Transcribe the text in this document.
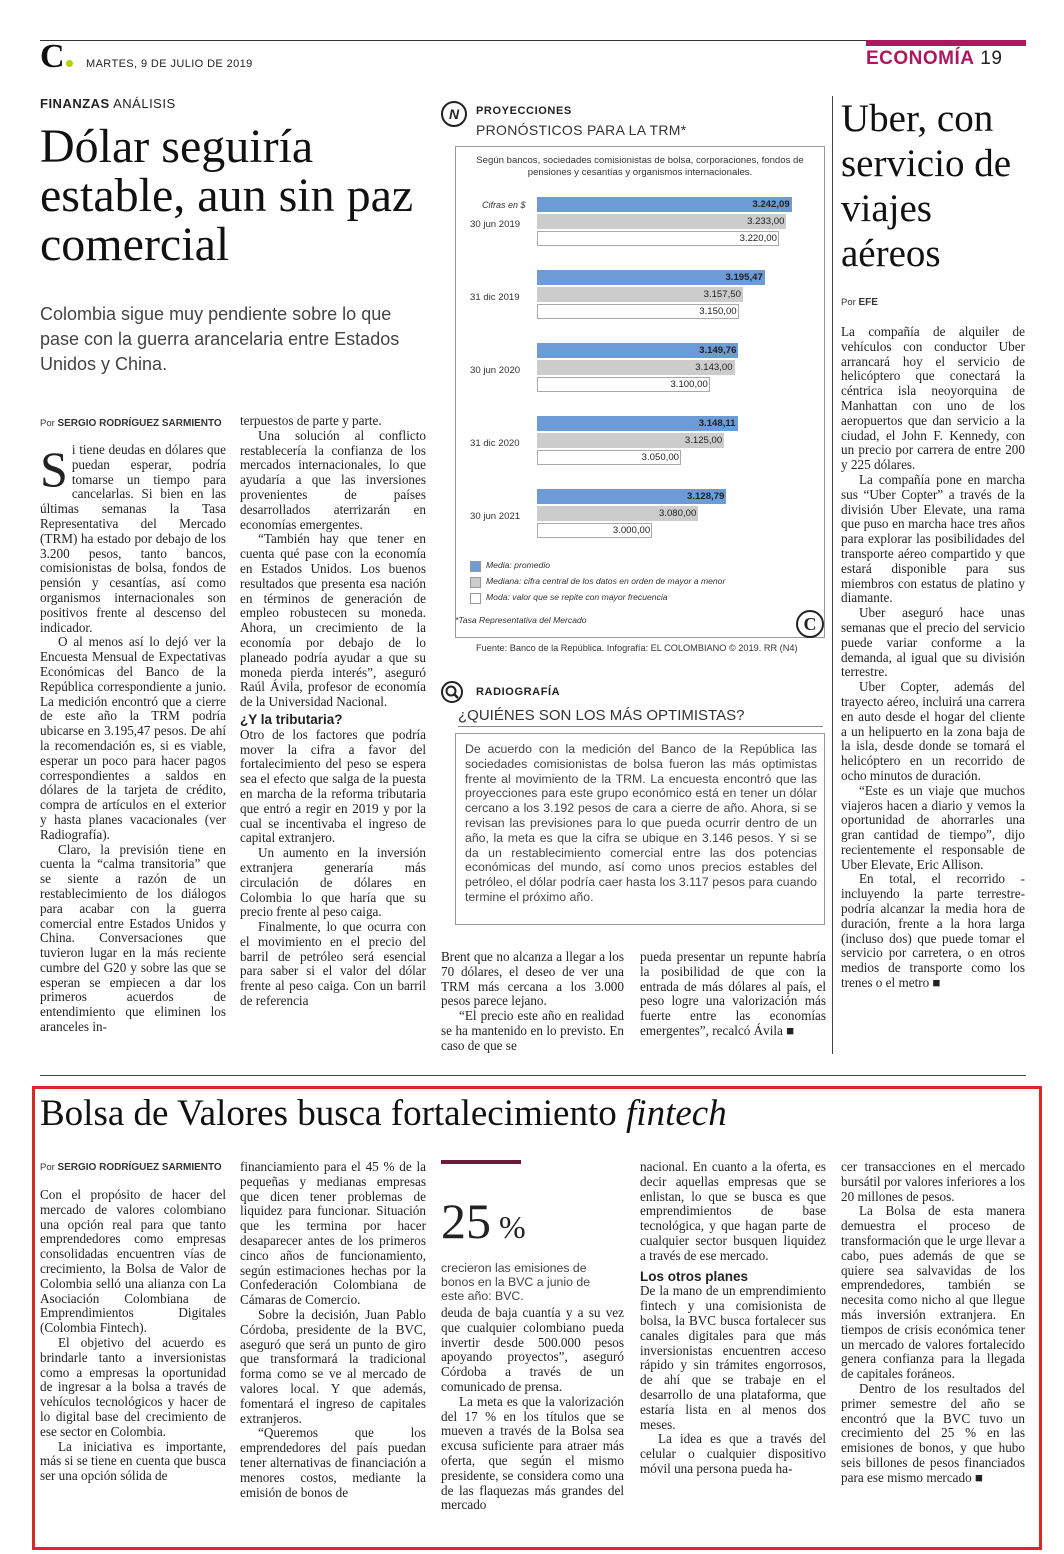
C	MARTES, 9 DE JULIO DE 2019	ECONOMÍA 19
FINANZAS ANÁLISIS
Dólar seguiría estable, aun sin paz comercial
Colombia sigue muy pendiente sobre lo que pase con la guerra arancelaria entre Estados Unidos y China.
Por SERGIO RODRÍGUEZ SARMIENTO
S i tiene deudas en dólares que puedan esperar, podría tomarse un tiempo para cancelarlas. Si bien en las últimas semanas la Tasa Representativa del Mercado (TRM) ha estado por debajo de los 3.200 pesos, tanto bancos, comisionistas de bolsa, fondos de pensión y cesantías, así como organismos internacionales son positivos frente al descenso del indicador.

O al menos así lo dejó ver la Encuesta Mensual de Expectativas Económicas del Banco de la República correspondiente a junio. La medición encontró que a cierre de este año la TRM podría ubicarse en 3.195,47 pesos. De ahí la recomendación es, si es viable, esperar un poco para hacer pagos correspondientes a saldos en dólares de la tarjeta de crédito, compra de artículos en el exterior y hasta planes vacacionales (ver Radiografía).

Claro, la previsión tiene en cuenta la “calma transitoria” que se siente a razón de un restablecimiento de los diálogos para acabar con la guerra comercial entre Estados Unidos y China. Conversaciones que tuvieron lugar en la más reciente cumbre del G20 y sobre las que se esperan se empiecen a dar los primeros acuerdos de entendimiento que eliminen los aranceles in-

terpuestos de parte y parte.

Una solución al conflicto restablecería la confianza de los mercados internacionales, lo que ayudaría a que las inversiones provenientes de países desarrollados aterrizarán en economías emergentes.

“También hay que tener en cuenta qué pase con la economía en Estados Unidos. Los buenos resultados que presenta esa nación en términos de generación de empleo robustecen su moneda. Ahora, un crecimiento de la economía por debajo de lo planeado podría ayudar a que su moneda pierda interés”, aseguró Raúl Ávila, profesor de economía de la Universidad Nacional.

¿Y la tributaria?

Otro de los factores que podría mover la cifra a favor del fortalecimiento del peso se espera sea el efecto que salga de la puesta en marcha de la reforma tributaria que entró a regir en 2019 y por la cual se incentivaba el ingreso de capital extranjero.

Un aumento en la inversión extranjera generaría más circulación de dólares en Colombia lo que haría que su precio frente al peso caiga.

Finalmente, lo que ocurra con el movimiento en el precio del barril de petróleo será esencial para saber si el valor del dólar frente al peso caiga. Con un barril de referencia

Brent que no alcanza a llegar a los 70 dólares, el deseo de ver una TRM más cercana a los 3.000 pesos parece lejano.

“El precio este año en realidad se ha mantenido en lo previsto. En caso de que se

pueda presentar un repunte habría la posibilidad de que con la entrada de más dólares al país, el peso logre una valorización más fuerte entre las economías emergentes”, recalcó Ávila ■

N	PROYECCIONES
PRONÓSTICOS PARA LA TRM*
Según bancos, sociedades comisionistas de bolsa, corporaciones, fondos de pensiones y cesantías y organismos internacionales.
Cifras en $
30 jun 2019
3.242,09
3.233,00
3.220,00
31 dic 2019
3.195,47
3.157,50
3.150,00
30 jun 2020
3.149,76
3.143,00
3.100,00
31 dic 2020
3.148,11
3.125,00
3.050,00
30 jun 2021
3.128,79
3.080,00
3.000,00
Media: promedio
Mediana: cifra central de los datos en orden de mayor a menor
Moda: valor que se repite con mayor frecuencia
*Tasa Representativa del Mercado	C
Fuente: Banco de la República. Infografía: EL COLOMBIANO © 2019. RR (N4)
RADIOGRAFÍA
¿QUIÉNES SON LOS MÁS OPTIMISTAS?
De acuerdo con la medición del Banco de la República las sociedades comisionistas de bolsa fueron las más optimistas frente al movimiento de la TRM. La encuesta encontró que las proyecciones para este grupo económico está en tener un dólar cercano a los 3.192 pesos de cara a cierre de año. Ahora, si se revisan las previsiones para lo que pueda ocurrir dentro de un año, la meta es que la cifra se ubique en 3.146 pesos. Y si se da un restablecimiento comercial entre las dos potencias económicas del mundo, así como unos precios estables del petróleo, el dólar podría caer hasta los 3.117 pesos para cuando termine el próximo año.
Uber, con servicio de viajes aéreos
Por EFE

La compañía de alquiler de vehículos con conductor Uber arrancará hoy el servicio de helicóptero que conectará la céntrica isla neoyorquina de Manhattan con uno de los aeropuertos que dan servicio a la ciudad, el John F. Kennedy, con un precio por carrera de entre 200 y 225 dólares.

La compañía pone en marcha sus “Uber Copter” a través de la división Uber Elevate, una rama que puso en marcha hace tres años para explorar las posibilidades del transporte aéreo compartido y que estará disponible para sus miembros con estatus de platino y diamante.

Uber aseguró hace unas semanas que el precio del servicio puede variar conforme a la demanda, al igual que su división terrestre.

Uber Copter, además del trayecto aéreo, incluirá una carrera en auto desde el hogar del cliente a un helipuerto en la zona baja de la isla, desde donde se tomará el helicóptero en un recorrido de ocho minutos de duración.

“Este es un viaje que muchos viajeros hacen a diario y vemos la oportunidad de ahorrarles una gran cantidad de tiempo”, dijo recientemente el responsable de Uber Elevate, Eric Allison.

En total, el recorrido -incluyendo la parte terrestre- podría alcanzar la media hora de duración, frente a la hora larga (incluso dos) que puede tomar el servicio por carretera, o en otros medios de transporte como los trenes o el metro ■

Bolsa de Valores busca fortalecimiento fintech
Por SERGIO RODRÍGUEZ SARMIENTO

Con el propósito de hacer del mercado de valores colombiano una opción real para que tanto emprendedores como empresas consolidadas encuentren vías de crecimiento, la Bolsa de Valor de Colombia selló una alianza con La Asociación Colombiana de Emprendimientos Digitales (Colombia Fintech).

El objetivo del acuerdo es brindarle tanto a inversionistas como a empresas la oportunidad de ingresar a la bolsa a través de vehículos tecnológicos y hacer de lo digital base del crecimiento de ese sector en Colombia.

La iniciativa es importante, más si se tiene en cuenta que busca ser una opción sólida de

financiamiento para el 45 % de la pequeñas y medianas empresas que dicen tener problemas de liquidez para funcionar. Situación que les termina por hacer desaparecer antes de los primeros cinco años de funcionamiento, según estimaciones hechas por la Confederación Colombiana de Cámaras de Comercio.

Sobre la decisión, Juan Pablo Córdoba, presidente de la BVC, aseguró que será un punto de giro que transformará la tradicional forma como se ve al mercado de valores local. Y que además, fomentará el ingreso de capitales extranjeros.

“Queremos que los emprendedores del país puedan tener alternativas de financiación a menores costos, mediante la emisión de bonos de

25 %
crecieron las emisiones de bonos en la BVC a junio de este año: BVC.

deuda de baja cuantía y a su vez que cualquier colombiano pueda invertir desde 500.000 pesos apoyando proyectos”, aseguró Córdoba a través de un comunicado de prensa.

La meta es que la valorización del 17 % en los títulos que se mueven a través de la Bolsa sea excusa suficiente para atraer más oferta, que según el mismo presidente, se considera como una de las flaquezas más grandes del mercado

nacional. En cuanto a la oferta, es decir aquellas empresas que se enlistan, lo que se busca es que emprendimientos de base tecnológica, y que hagan parte de cualquier sector busquen liquidez a través de ese mercado.

Los otros planes

De la mano de un emprendimiento fintech y una comisionista de bolsa, la BVC busca fortalecer sus canales digitales para que más inversionistas encuentren acceso rápido y sin trámites engorrosos, de ahí que se trabaje en el desarrollo de una plataforma, que estaría lista en al menos dos meses.

La idea es que a través del celular o cualquier dispositivo móvil una persona pueda ha-

cer transacciones en el mercado bursátil por valores inferiores a los 20 millones de pesos.

La Bolsa de esta manera demuestra el proceso de transformación que le urge llevar a cabo, pues además de que se quiere sea salvavidas de los emprendedores, también se necesita como nicho al que llegue más inversión extranjera. En tiempos de crisis económica tener un mercado de valores fortalecido genera confianza para la llegada de capitales foráneos.

Dentro de los resultados del primer semestre del año se encontró que la BVC tuvo un crecimiento del 25 % en las emisiones de bonos, y que hubo seis billones de pesos financiados para ese mismo mercado ■
